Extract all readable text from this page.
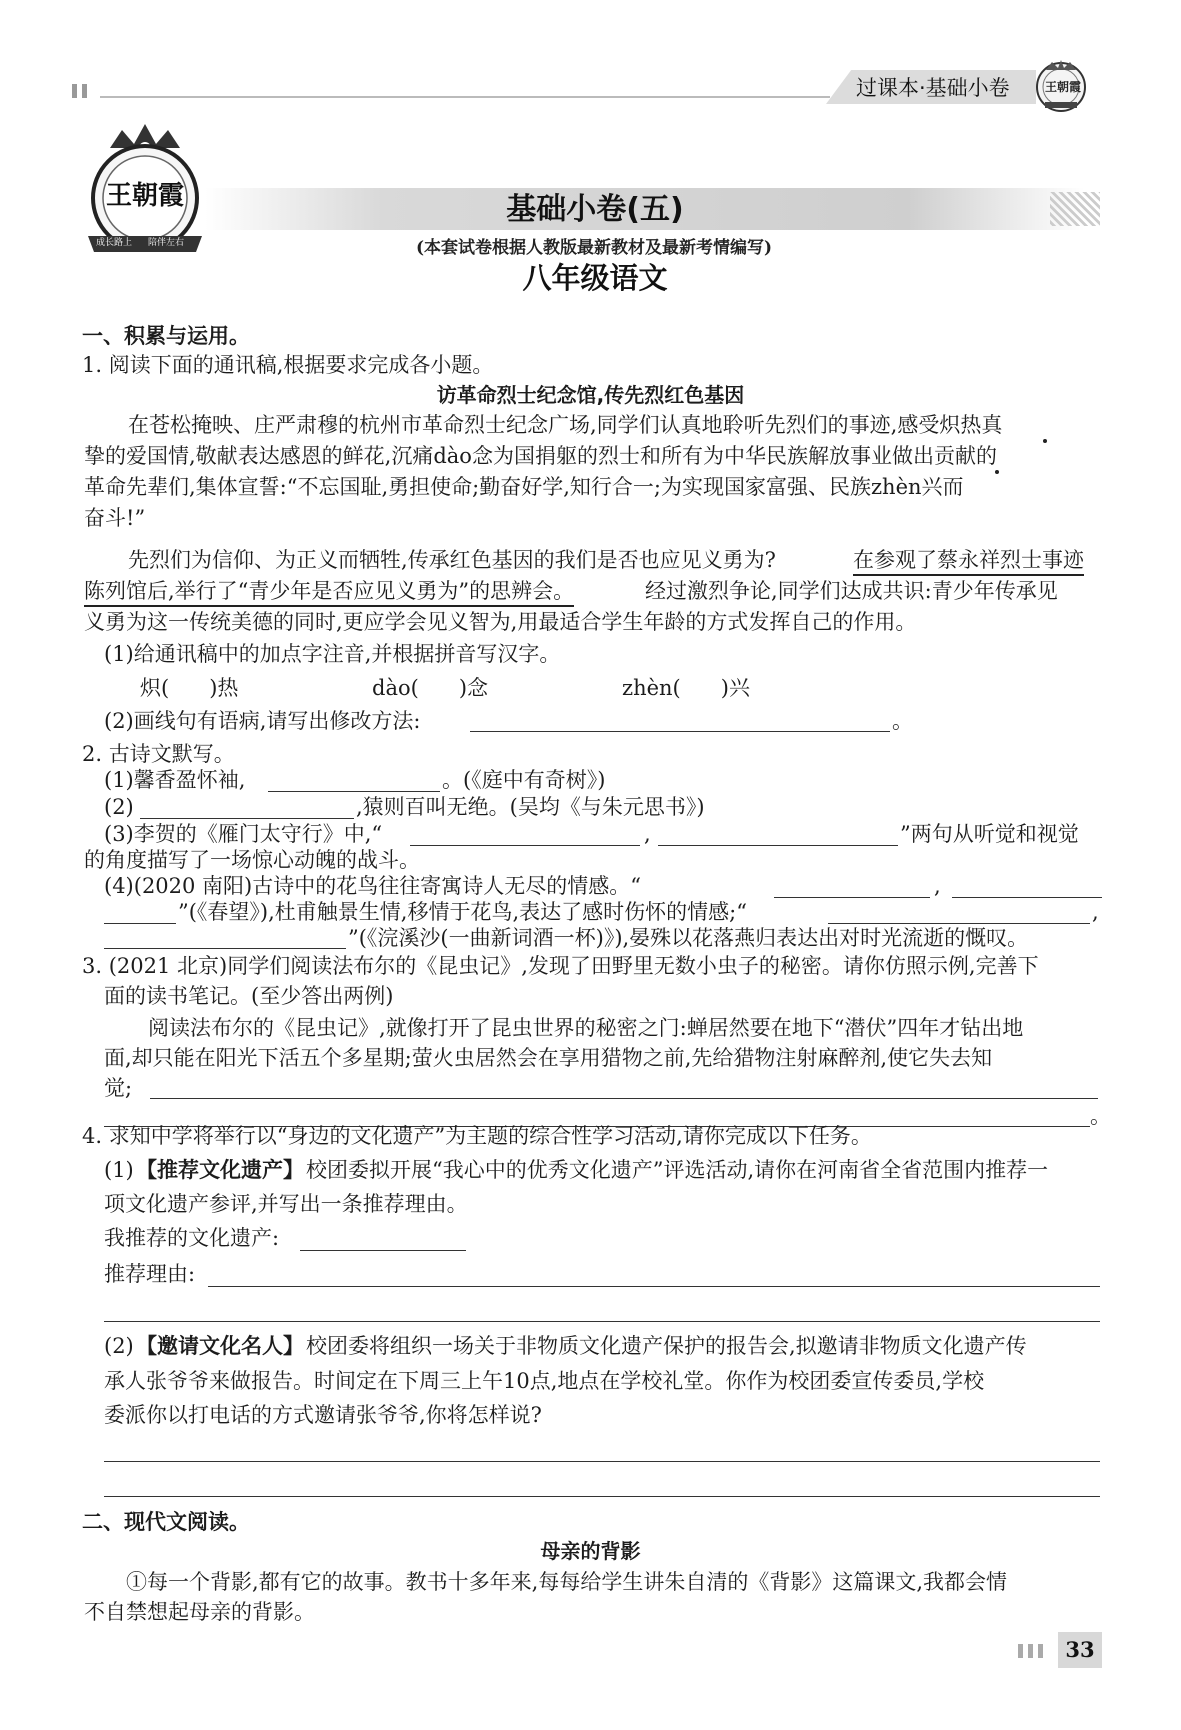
过课本·基础小卷	王朝霞
王朝霞
成长路上 陪伴左右
基础小卷(五)
(本套试卷根据人教版最新教材及最新考情编写)
八年级语文
一、积累与运用。
1. 阅读下面的通讯稿,根据要求完成各小题。
访革命烈士纪念馆,传先烈红色基因
在苍松掩映、庄严肃穆的杭州市革命烈士纪念广场,同学们认真地聆听先烈们的事迹,感受炽热真
挚的爱国情,敬献表达感恩的鲜花,沉痛dào念为国捐躯的烈士和所有为中华民族解放事业做出贡献的
革命先辈们,集体宣誓:“不忘国耻,勇担使命;勤奋好学,知行合一;为实现国家富强、民族zhèn兴而
奋斗!”
先烈们为信仰、为正义而牺牲,传承红色基因的我们是否也应见义勇为?	在参观了蔡永祥烈士事迹
陈列馆后,举行了“青少年是否应见义勇为”的思辨会。	经过激烈争论,同学们达成共识:青少年传承见
义勇为这一传统美德的同时,更应学会见义智为,用最适合学生年龄的方式发挥自己的作用。
(1)给通讯稿中的加点字注音,并根据拼音写汉字。
炽(      )热	dào(      )念	zhèn(      )兴
(2)画线句有语病,请写出修改方法:	。
2. 古诗文默写。
(1)馨香盈怀袖,	。(《庭中有奇树》)
(2)	,猿则百叫无绝。(吴均《与朱元思书》)
(3)李贺的《雁门太守行》中,“	,	”两句从听觉和视觉
的角度描写了一场惊心动魄的战斗。
(4)(2020 南阳)古诗中的花鸟往往寄寓诗人无尽的情感。“	,
”(《春望》),杜甫触景生情,移情于花鸟,表达了感时伤怀的情感;“	,
”(《浣溪沙(一曲新词酒一杯)》),晏殊以花落燕归表达出对时光流逝的慨叹。
3. (2021 北京)同学们阅读法布尔的《昆虫记》,发现了田野里无数小虫子的秘密。请你仿照示例,完善下
面的读书笔记。(至少答出两例)
阅读法布尔的《昆虫记》,就像打开了昆虫世界的秘密之门:蝉居然要在地下“潜伏”四年才钻出地
面,却只能在阳光下活五个多星期;萤火虫居然会在享用猎物之前,先给猎物注射麻醉剂,使它失去知
觉;
。
4. 求知中学将举行以“身边的文化遗产”为主题的综合性学习活动,请你完成以下任务。
(1) 【推荐文化遗产】 校团委拟开展“我心中的优秀文化遗产”评选活动,请你在河南省全省范围内推荐一
项文化遗产参评,并写出一条推荐理由。
我推荐的文化遗产:
推荐理由:
(2) 【邀请文化名人】 校团委将组织一场关于非物质文化遗产保护的报告会,拟邀请非物质文化遗产传
承人张爷爷来做报告。时间定在下周三上午10点,地点在学校礼堂。你作为校团委宣传委员,学校
委派你以打电话的方式邀请张爷爷,你将怎样说?
二、现代文阅读。
母亲的背影
①每一个背影,都有它的故事。教书十多年来,每每给学生讲朱自清的《背影》这篇课文,我都会情
不自禁想起母亲的背影。
33
